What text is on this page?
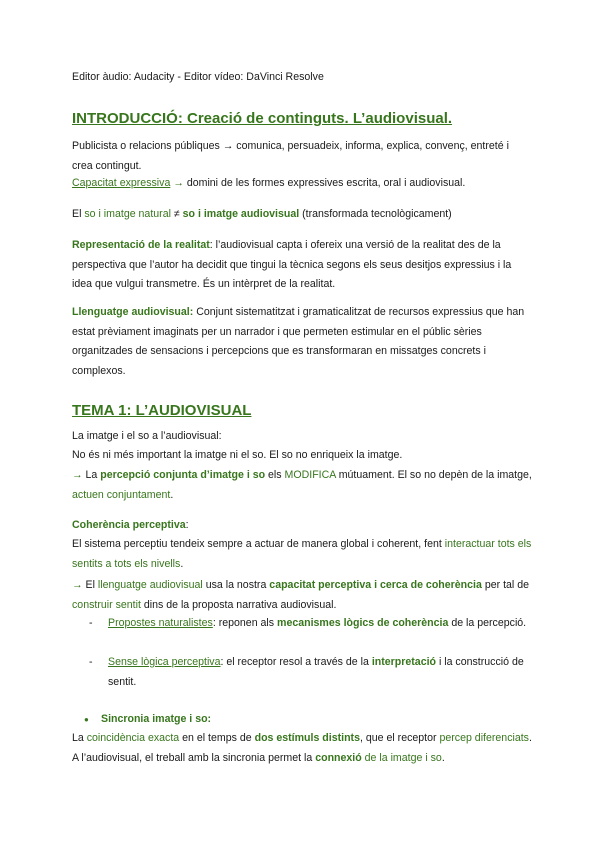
Editor àudio: Audacity - Editor vídeo: DaVinci Resolve

INTRODUCCIÓ: Creació de continguts. L’audiovisual.

Publicista o relacions públiques → comunica, persuadeix, informa, explica, convenç, entreté i crea contingut.

Capacitat expressiva → domini de les formes expressives escrita, oral i audiovisual.

El so i imatge natural ≠ so i imatge audiovisual (transformada tecnològicament)

Representació de la realitat: l’audiovisual capta i ofereix una versió de la realitat des de la perspectiva que l’autor ha decidit que tingui la tècnica segons els seus desitjos expressius i la idea que vulgui transmetre. És un intèrpret de la realitat.

Llenguatge audiovisual: Conjunt sistematitzat i gramaticalitzat de recursos expressius que han estat prèviament imaginats per un narrador i que permeten estimular en el públic sèries organitzades de sensacions i percepcions que es transformaran en missatges concrets i complexos.

TEMA 1: L’AUDIOVISUAL

La imatge i el so a l’audiovisual:

No és ni més important la imatge ni el so. El so no enriqueix la imatge.

→ La percepció conjunta d’imatge i so els MODIFICA mútuament. El so no depèn de la imatge, actuen conjuntament.

Coherència perceptiva:

El sistema perceptiu tendeix sempre a actuar de manera global i coherent, fent interactuar tots els sentits a tots els nivells.

→ El llenguatge audiovisual usa la nostra capacitat perceptiva i cerca de coherència per tal de construir sentit dins de la proposta narrativa audiovisual.

- Propostes naturalistes: reponen als mecanismes lògics de coherència de la percepció.

- Sense lògica perceptiva: el receptor resol a través de la interpretació i la construcció de sentit.

● Sincronia imatge i so:

La coincidència exacta en el temps de dos estímuls distints, que el receptor percep diferenciats. A l’audiovisual, el treball amb la sincronia permet la connexió de la imatge i so.
